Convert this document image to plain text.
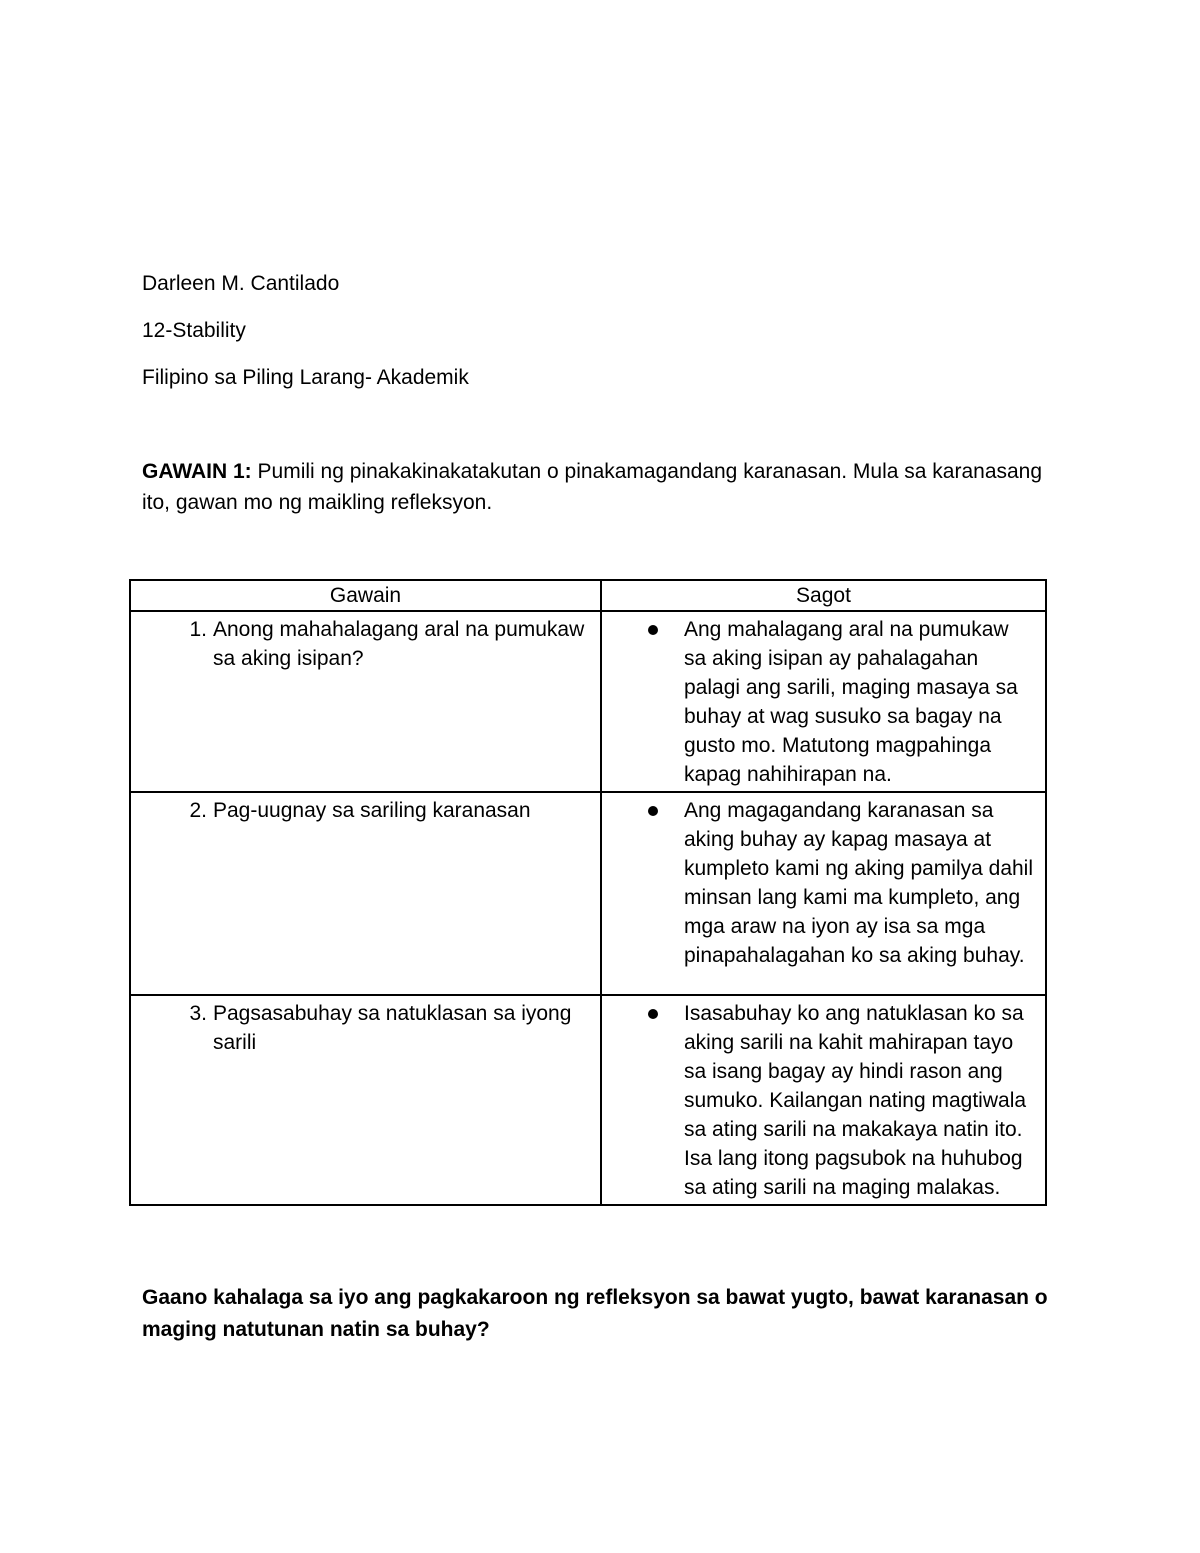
Darleen M. Cantilado
12-Stability
Filipino sa Piling Larang- Akademik
GAWAIN 1: Pumili ng pinakakinakatakutan o pinakamagandang karanasan. Mula sa karanasang ito, gawan mo ng maikling refleksyon.
Gawain	Sagot

1. Anong mahahalagang aral na pumukaw sa aking isipan?	Ang mahalagang aral na pumukaw sa aking isipan ay pahalagahan palagi ang sarili, maging masaya sa buhay at wag susuko sa bagay na gusto mo. Matutong magpahinga kapag nahihirapan na.

2. Pag-uugnay sa sariling karanasan	Ang magagandang karanasan sa aking buhay ay kapag masaya at kumpleto kami ng aking pamilya dahil minsan lang kami ma kumpleto, ang mga araw na iyon ay isa sa mga pinapahalagahan ko sa aking buhay.

3. Pagsasabuhay sa natuklasan sa iyong sarili	Isasabuhay ko ang natuklasan ko sa aking sarili na kahit mahirapan tayo sa isang bagay ay hindi rason ang sumuko. Kailangan nating magtiwala sa ating sarili na makakaya natin ito. Isa lang itong pagsubok na huhubog sa ating sarili na maging malakas.
Gaano kahalaga sa iyo ang pagkakaroon ng refleksyon sa bawat yugto, bawat karanasan o maging natutunan natin sa buhay?
